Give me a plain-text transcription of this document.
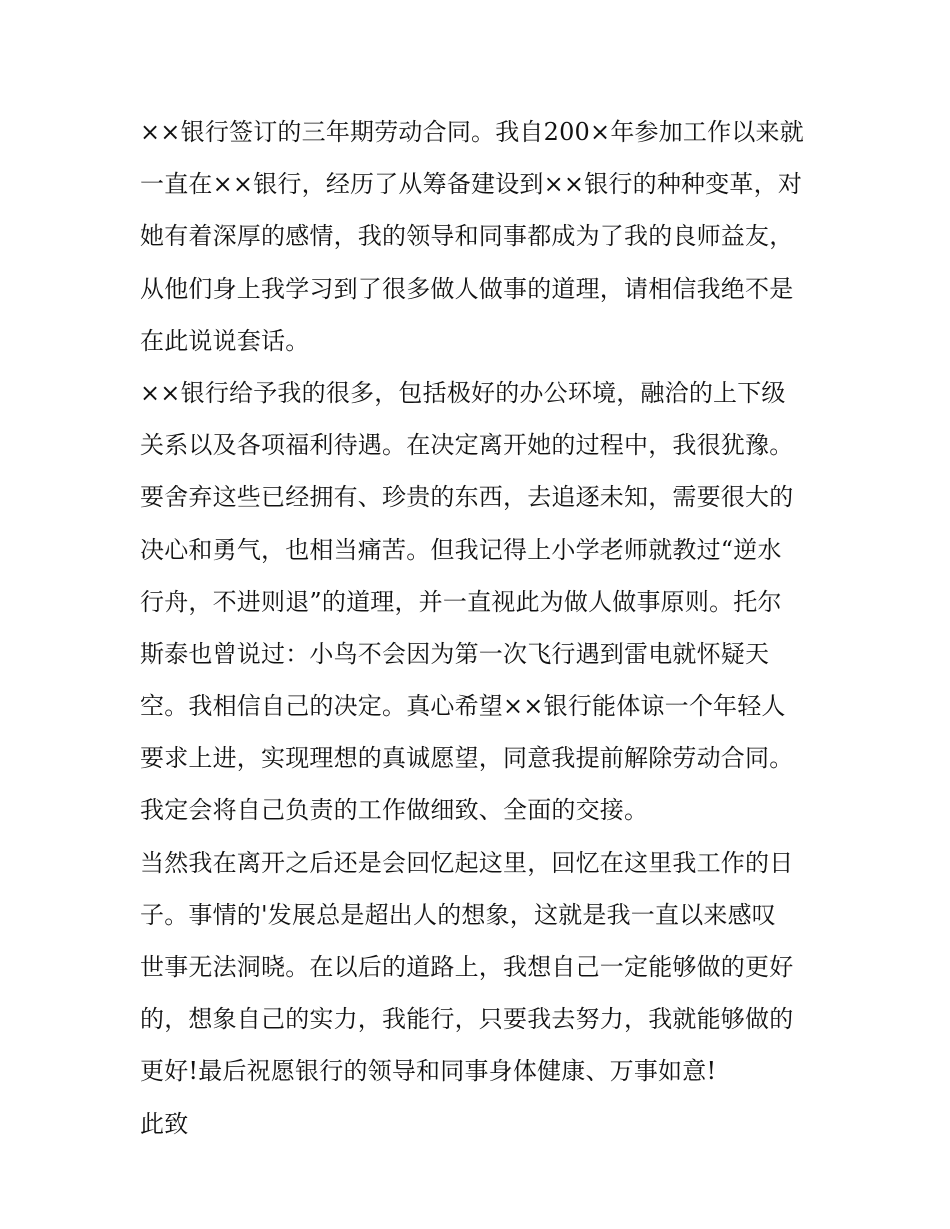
××银行签订的三年期劳动合同。我自200×年参加工作以来就
一直在××银行，经历了从筹备建设到××银行的种种变革，对
她有着深厚的感情，我的领导和同事都成为了我的良师益友，
从他们身上我学习到了很多做人做事的道理，请相信我绝不是
在此说说套话。
××银行给予我的很多，包括极好的办公环境，融洽的上下级
关系以及各项福利待遇。在决定离开她的过程中，我很犹豫。
要舍弃这些已经拥有、珍贵的东西，去追逐未知，需要很大的
决心和勇气，也相当痛苦。但我记得上小学老师就教过“逆水
行舟，不进则退”的道理，并一直视此为做人做事原则。托尔
斯泰也曾说过：小鸟不会因为第一次飞行遇到雷电就怀疑天
空。我相信自己的决定。真心希望××银行能体谅一个年轻人
要求上进，实现理想的真诚愿望，同意我提前解除劳动合同。
我定会将自己负责的工作做细致、全面的交接。
当然我在离开之后还是会回忆起这里，回忆在这里我工作的日
子。事情的'发展总是超出人的想象，这就是我一直以来感叹
世事无法洞晓。在以后的道路上，我想自己一定能够做的更好
的，想象自己的实力，我能行，只要我去努力，我就能够做的
更好!最后祝愿银行的领导和同事身体健康、万事如意!
此致
